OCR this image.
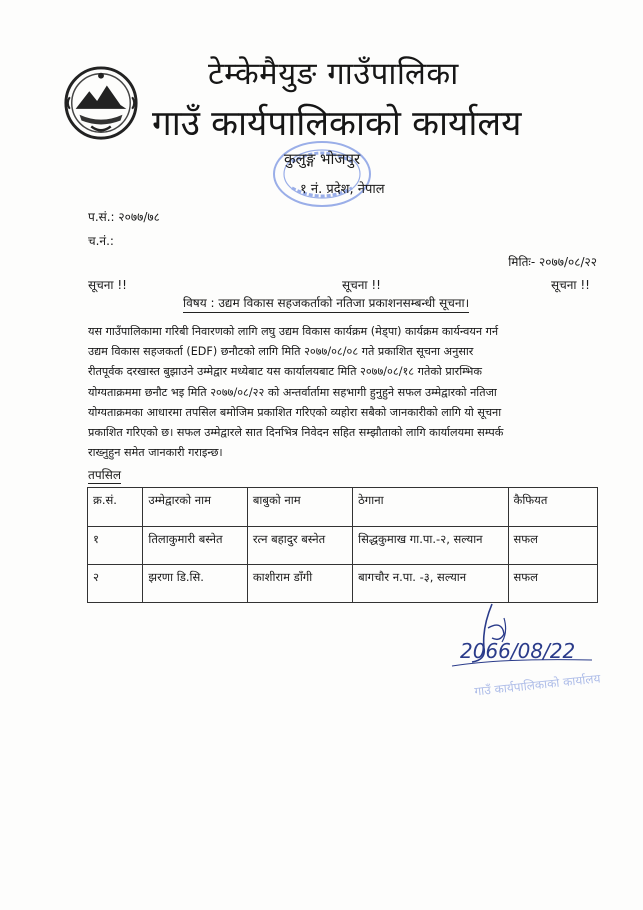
टेम्केमैयुङ गाउँपालिका
गाउँ कार्यपालिकाको कार्यालय
कुलुङ्ग भोजपुर
१ नं. प्रदेश, नेपाल
प.सं.: २०७७/७८
च.नं.:
मितिः- २०७७/०८/२२
सूचना !!	सूचना !!	सूचना !!
विषय : उद्यम विकास सहजकर्ताको नतिजा प्रकाशनसम्बन्धी सूचना।
यस गाउँपालिकामा गरिबी निवारणको लागि लघु उद्यम विकास कार्यक्रम (मेड्पा) कार्यक्रम कार्यन्वयन गर्न
उद्यम विकास सहजकर्ता (EDF) छनौटको लागि मिति २०७७/०८/०८ गते प्रकाशित सूचना अनुसार
रीतपूर्वक दरखास्त बुझाउने उम्मेद्वार मध्येबाट यस कार्यालयबाट मिति २०७७/०८/१८ गतेको प्रारम्भिक
योग्यताक्रममा छनौट भइ मिति २०७७/०८/२२ को अन्तर्वार्तामा सहभागी हुनुहुने सफल उम्मेद्वारको नतिजा
योग्यताक्रमका आधारमा तपसिल बमोजिम प्रकाशित गरिएको व्यहोरा सबैको जानकारीको लागि यो सूचना
प्रकाशित गरिएको छ। सफल उम्मेद्वारले सात दिनभित्र निवेदन सहित सम्झौताको लागि कार्यालयमा सम्पर्क
राख्नुहुन समेत जानकारी गराइन्छ।
तपसिल
क्र.सं.	उम्मेद्वारको नाम	बाबुको नाम	ठेगाना	कैफियत
१	तिलाकुमारी बस्नेत	रत्न बहादुर बस्नेत	सिद्धकुमाख गा.पा.-२, सल्यान	सफल
२	झरणा डि.सि.	काशीराम डाँगी	बागचौर न.पा. -३, सल्यान	सफल
2066/08/22
गाउँ कार्यपालिकाको कार्यालय
